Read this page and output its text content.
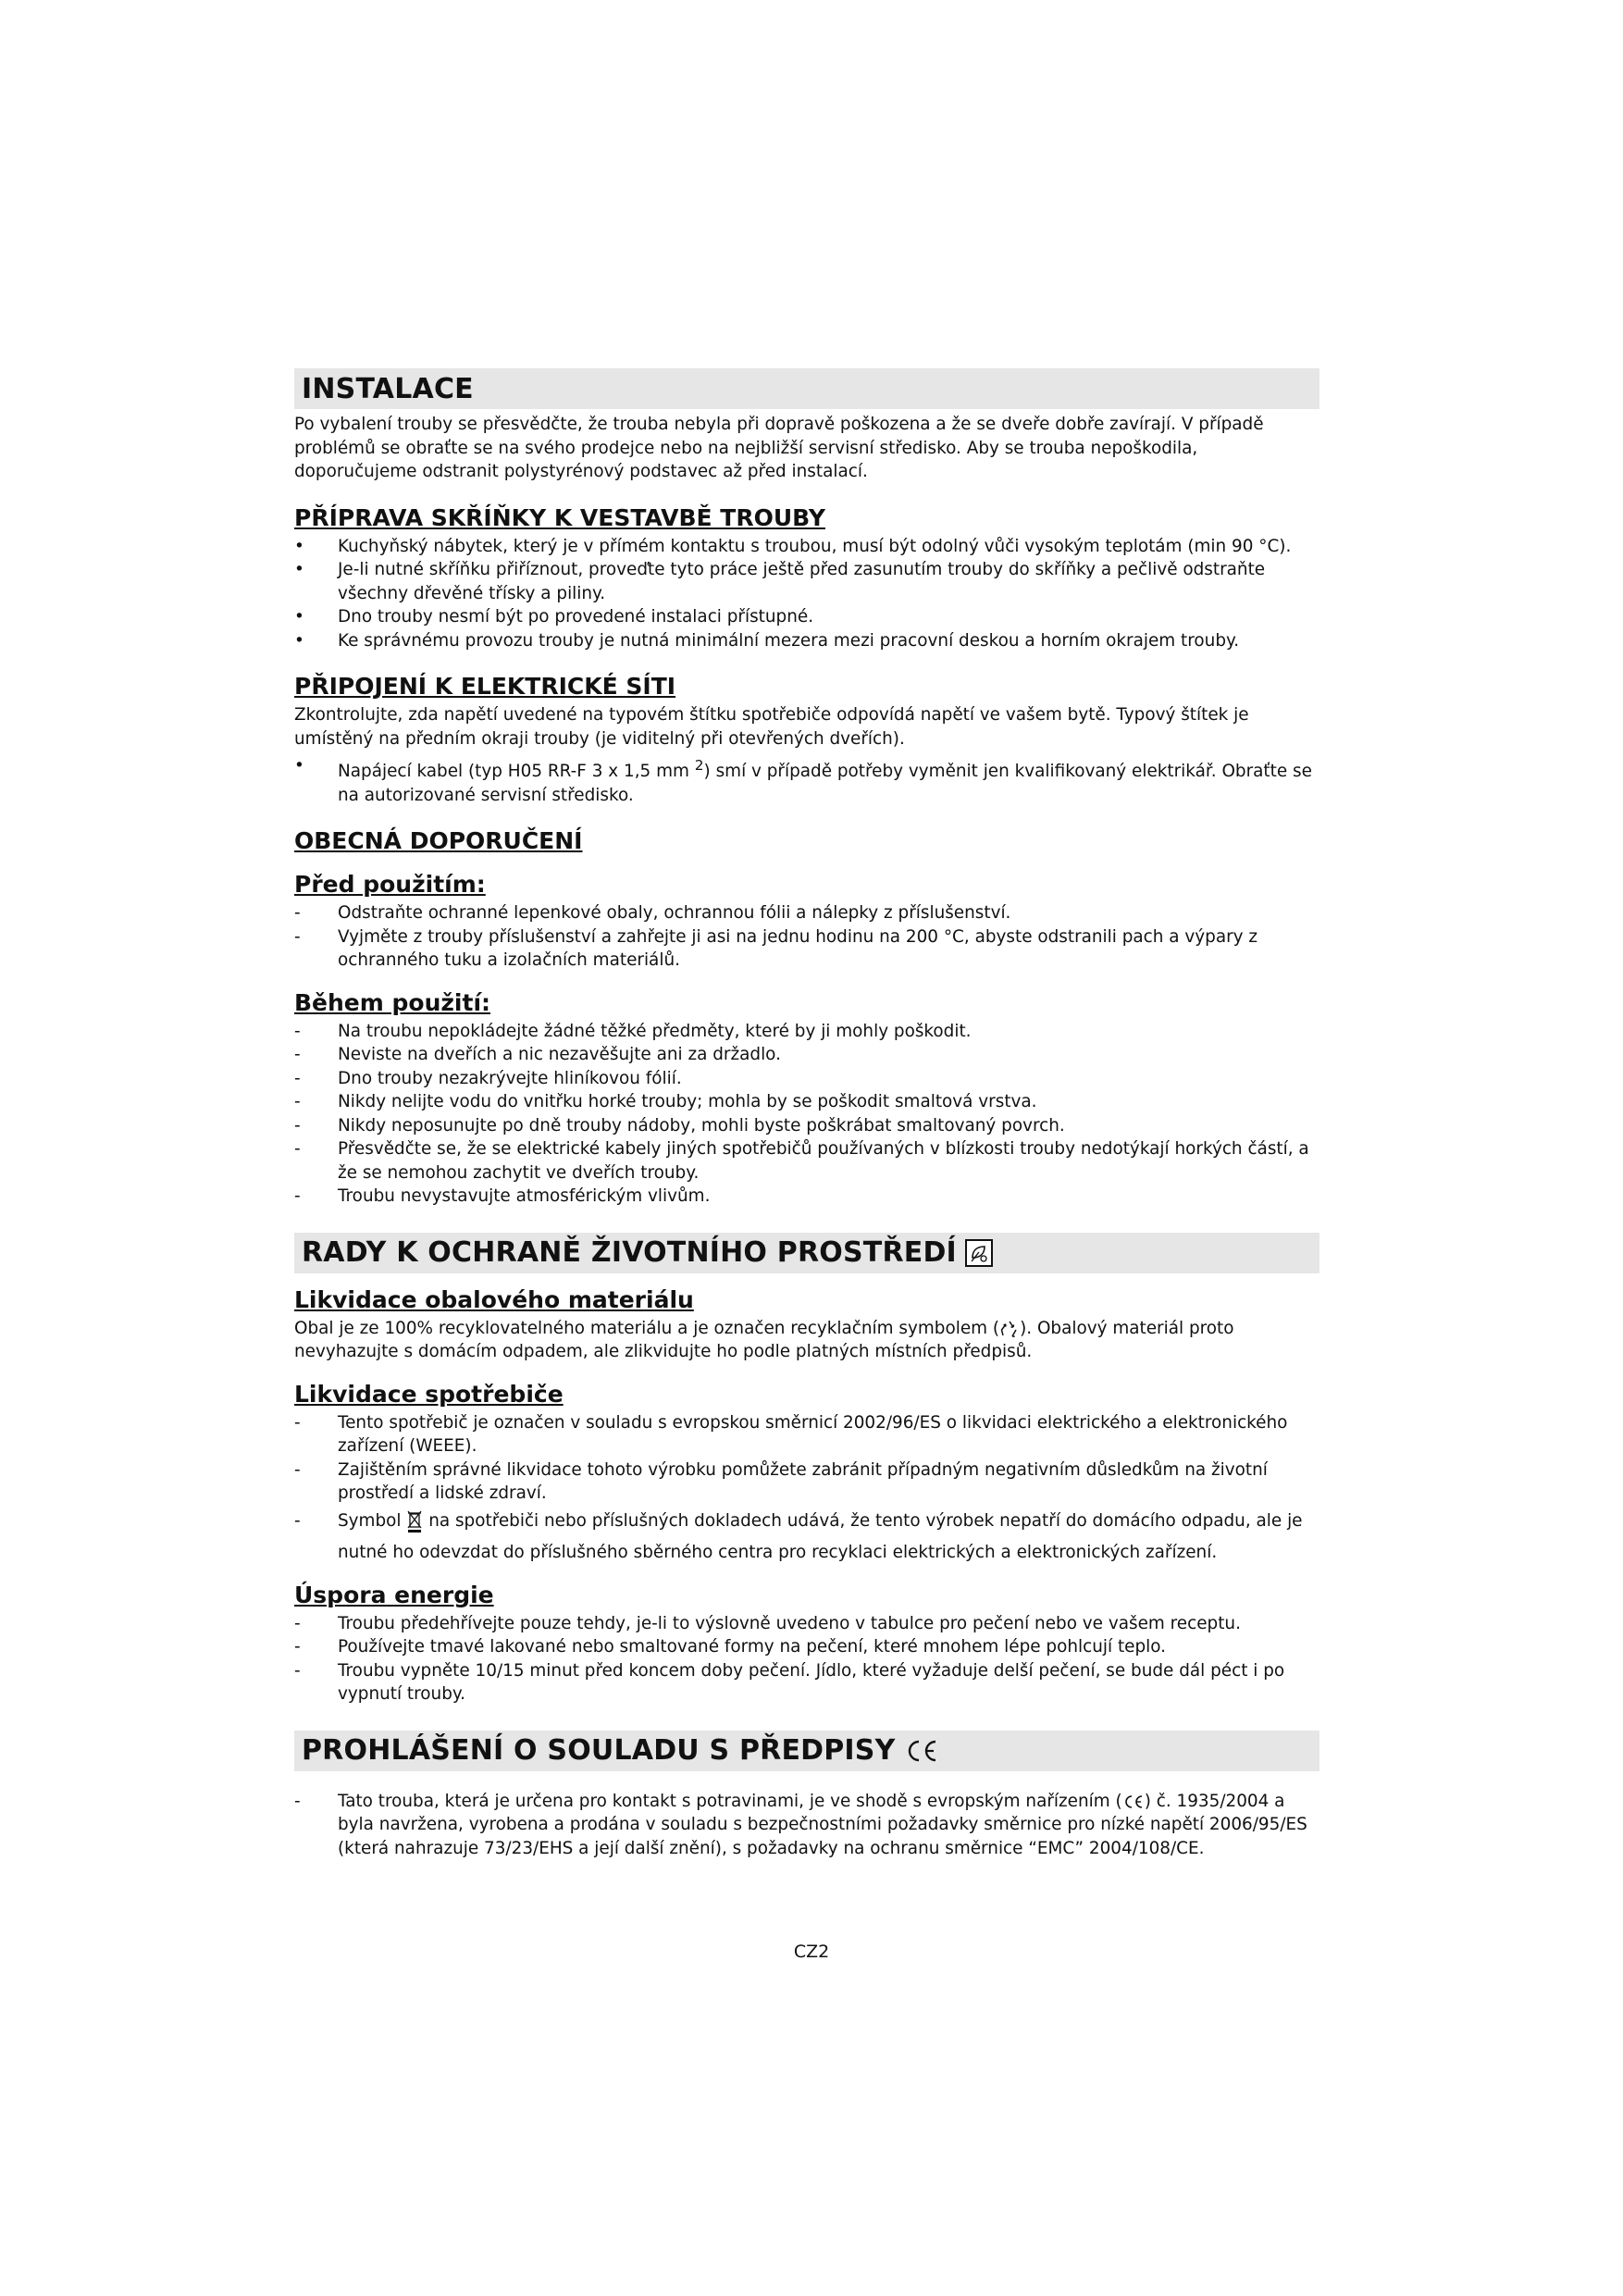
INSTALACE

Po vybalení trouby se přesvědčte, že trouba nebyla při dopravě poškozena a že se dveře dobře zavírají. V případě problémů se obraťte se na svého prodejce nebo na nejbližší servisní středisko. Aby se trouba nepoškodila, doporučujeme odstranit polystyrénový podstavec až před instalací.

PŘÍPRAVA SKŘÍŇKY K VESTAVBĚ TROUBY
•	Kuchyňský nábytek, který je v přímém kontaktu s troubou, musí být odolný vůči vysokým teplotám (min 90 °C).
•	Je-li nutné skříňku přiříznout, proveďte tyto práce ještě před zasunutím trouby do skříňky a pečlivě odstraňte všechny dřevěné třísky a piliny.
•	Dno trouby nesmí být po provedené instalaci přístupné.
•	Ke správnému provozu trouby je nutná minimální mezera mezi pracovní deskou a horním okrajem trouby.
PŘIPOJENÍ K ELEKTRICKÉ SÍTI

Zkontrolujte, zda napětí uvedené na typovém štítku spotřebiče odpovídá napětí ve vašem bytě. Typový štítek je umístěný na předním okraji trouby (je viditelný při otevřených dveřích).

•	Napájecí kabel (typ H05 RR-F 3 x 1,5 mm $^2$) smí v případě potřeby vyměnit jen kvalifikovaný elektrikář. Obraťte se na autorizované servisní středisko.
OBECNÁ DOPORUČENÍ
Před použitím:
-	Odstraňte ochranné lepenkové obaly, ochrannou fólii a nálepky z příslušenství.
-	Vyjměte z trouby příslušenství a zahřejte ji asi na jednu hodinu na 200 °C, abyste odstranili pach a výpary z ochranného tuku a izolačních materiálů.
Během použití:
-	Na troubu nepokládejte žádné těžké předměty, které by ji mohly poškodit.
-	Neviste na dveřích a nic nezavěšujte ani za držadlo.
-	Dno trouby nezakrývejte hliníkovou fólií.
-	Nikdy nelijte vodu do vnitřku horké trouby; mohla by se poškodit smaltová vrstva.
-	Nikdy neposunujte po dně trouby nádoby, mohli byste poškrábat smaltovaný povrch.
-	Přesvědčte se, že se elektrické kabely jiných spotřebičů používaných v blízkosti trouby nedotýkají horkých částí, a že se nemohou zachytit ve dveřích trouby.
-	Troubu nevystavujte atmosférickým vlivům.
RADY K OCHRANĚ ŽIVOTNÍHO PROSTŘEDÍ
Likvidace obalového materiálu

Obal je ze 100% recyklovatelného materiálu a je označen recyklačním symbolem ( ). Obalový materiál proto nevyhazujte s domácím odpadem, ale zlikvidujte ho podle platných místních předpisů.

Likvidace spotřebiče
-	Tento spotřebič je označen v souladu s evropskou směrnicí 2002/96/ES o likvidaci elektrického a elektronického zařízení (WEEE).
-	Zajištěním správné likvidace tohoto výrobku pomůžete zabránit případným negativním důsledkům na životní prostředí a lidské zdraví.
-	Symbol  na spotřebiči nebo příslušných dokladech udává, že tento výrobek nepatří do domácího odpadu, ale je nutné ho odevzdat do příslušného sběrného centra pro recyklaci elektrických a elektronických zařízení.
Úspora energie
-	Troubu předehřívejte pouze tehdy, je-li to výslovně uvedeno v tabulce pro pečení nebo ve vašem receptu.
-	Používejte tmavé lakované nebo smaltované formy na pečení, které mnohem lépe pohlcují teplo.
-	Troubu vypněte 10/15 minut před koncem doby pečení. Jídlo, které vyžaduje delší pečení, se bude dál péct i po vypnutí trouby.
PROHLÁŠENÍ O SOULADU S PŘEDPISY
-	Tato trouba, která je určena pro kontakt s potravinami, je ve shodě s evropským nařízením ( ) č. 1935/2004 a byla navržena, vyrobena a prodána v souladu s bezpečnostními požadavky směrnice pro nízké napětí 2006/95/ES (která nahrazuje 73/23/EHS a její další znění), s požadavky na ochranu směrnice “EMC” 2004/108/CE.
CZ2
